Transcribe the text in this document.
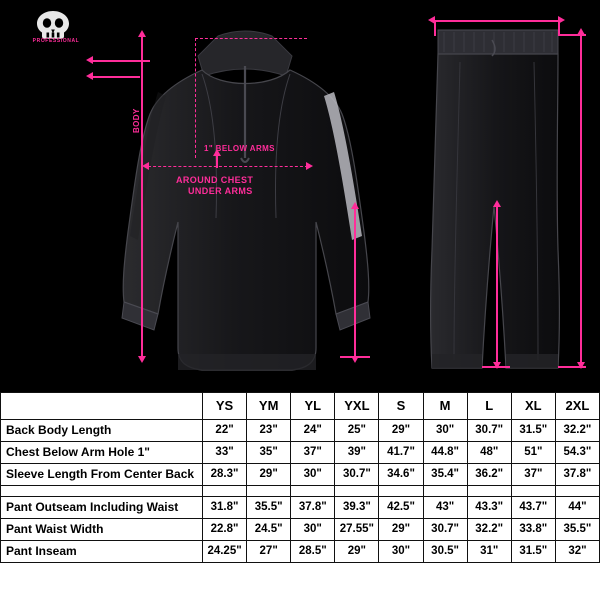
PROFESSIONAL
BODY
1" BELOW ARMS
AROUND CHEST
UNDER ARMS
	YS	YM	YL	YXL	S	M	L	XL	2XL
Back Body Length	22"	23"	24"	25"	29"	30"	30.7"	31.5"	32.2"
Chest Below Arm Hole 1"	33"	35"	37"	39"	41.7"	44.8"	48"	51"	54.3"
Sleeve Length From Center Back	28.3"	29"	30"	30.7"	34.6"	35.4"	36.2"	37"	37.8"

Pant Outseam Including Waist	31.8"	35.5"	37.8"	39.3"	42.5"	43"	43.3"	43.7"	44"
Pant Waist Width	22.8"	24.5"	30"	27.55"	29"	30.7"	32.2"	33.8"	35.5"
Pant Inseam	24.25"	27"	28.5"	29"	30"	30.5"	31"	31.5"	32"
